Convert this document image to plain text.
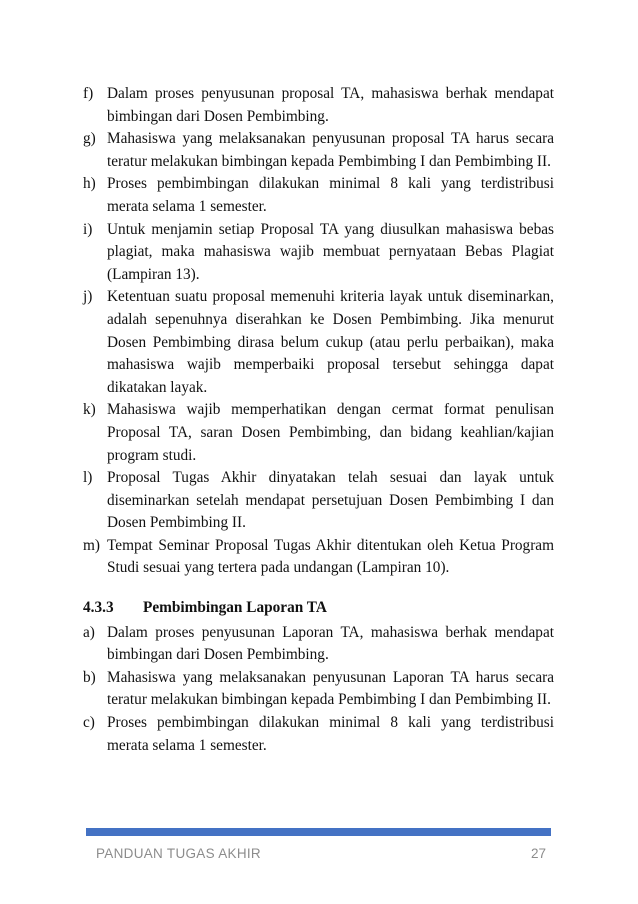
f) Dalam proses penyusunan proposal TA, mahasiswa berhak mendapat bimbingan dari Dosen Pembimbing.
g) Mahasiswa yang melaksanakan penyusunan proposal TA harus secara teratur melakukan bimbingan kepada Pembimbing I dan Pembimbing II.
h) Proses pembimbingan dilakukan minimal 8 kali yang terdistribusi merata selama 1 semester.
i) Untuk menjamin setiap Proposal TA yang diusulkan mahasiswa bebas plagiat, maka mahasiswa wajib membuat pernyataan Bebas Plagiat (Lampiran 13).
j) Ketentuan suatu proposal memenuhi kriteria layak untuk diseminarkan, adalah sepenuhnya diserahkan ke Dosen Pembimbing. Jika menurut Dosen Pembimbing dirasa belum cukup (atau perlu perbaikan), maka mahasiswa wajib memperbaiki proposal tersebut sehingga dapat dikatakan layak.
k) Mahasiswa wajib memperhatikan dengan cermat format penulisan Proposal TA, saran Dosen Pembimbing, dan bidang keahlian/kajian program studi.
l) Proposal Tugas Akhir dinyatakan telah sesuai dan layak untuk diseminarkan setelah mendapat persetujuan Dosen Pembimbing I dan Dosen Pembimbing II.
m) Tempat Seminar Proposal Tugas Akhir ditentukan oleh Ketua Program Studi sesuai yang tertera pada undangan (Lampiran 10).
4.3.3 Pembimbingan Laporan TA
a) Dalam proses penyusunan Laporan TA, mahasiswa berhak mendapat bimbingan dari Dosen Pembimbing.
b) Mahasiswa yang melaksanakan penyusunan Laporan TA harus secara teratur melakukan bimbingan kepada Pembimbing I dan Pembimbing II.
c) Proses pembimbingan dilakukan minimal 8 kali yang terdistribusi merata selama 1 semester.
PANDUAN TUGAS AKHIR	27
